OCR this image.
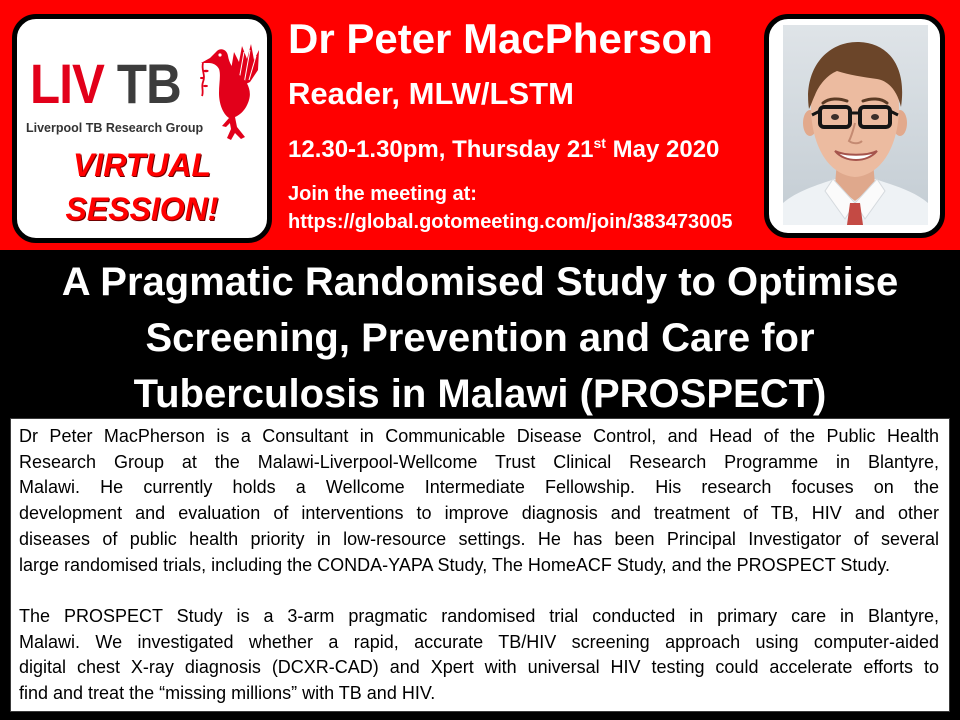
LIV TB
Liverpool TB Research Group
VIRTUAL
SESSION!
Dr Peter MacPherson
Reader, MLW/LSTM
12.30-1.30pm, Thursday 21st May 2020
Join the meeting at:
https://global.gotomeeting.com/join/383473005
A Pragmatic Randomised Study to Optimise
Screening, Prevention and Care for
Tuberculosis in Malawi (PROSPECT)
Dr Peter MacPherson is a Consultant in Communicable Disease Control, and Head of the Public Health
Research Group at the Malawi-Liverpool-Wellcome Trust Clinical Research Programme in Blantyre,
Malawi. He currently holds a Wellcome Intermediate Fellowship. His research focuses on the
development and evaluation of interventions to improve diagnosis and treatment of TB, HIV and other
diseases of public health priority in low-resource settings. He has been Principal Investigator of several
large randomised trials, including the CONDA-YAPA Study, The HomeACF Study, and the PROSPECT Study.
The PROSPECT Study is a 3-arm pragmatic randomised trial conducted in primary care in Blantyre,
Malawi. We investigated whether a rapid, accurate TB/HIV screening approach using computer-aided
digital chest X-ray diagnosis (DCXR-CAD) and Xpert with universal HIV testing could accelerate efforts to
find and treat the “missing millions” with TB and HIV.
